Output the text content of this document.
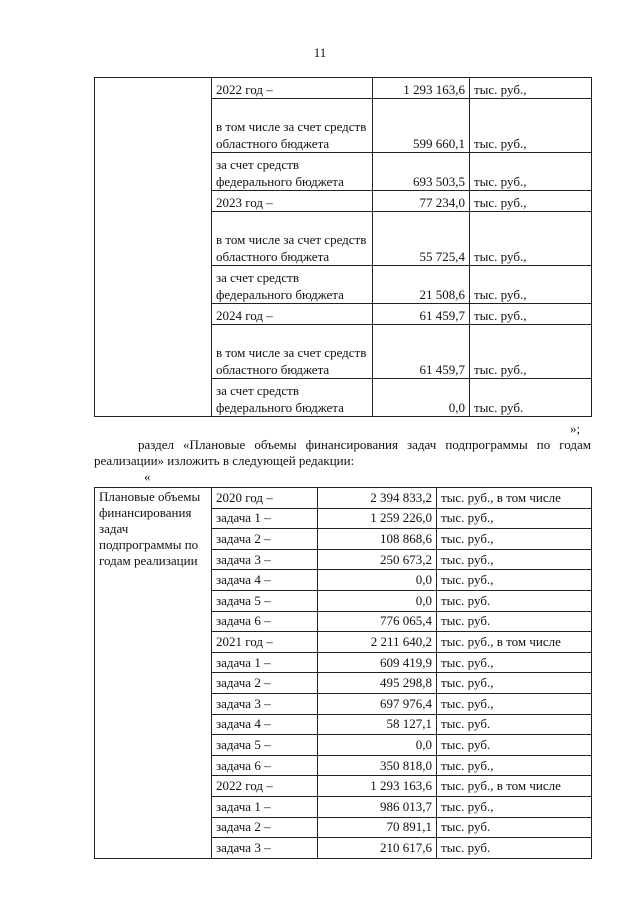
11
	2022 год –	1 293 163,6	тыс. руб.,
	в том числе за счет средств областного бюджета	599 660,1	тыс. руб.,
	за счет средств федерального бюджета	693 503,5	тыс. руб.,
	2023 год –	77 234,0	тыс. руб.,
	в том числе за счет средств областного бюджета	55 725,4	тыс. руб.,
	за счет средств федерального бюджета	21 508,6	тыс. руб.,
	2024 год –	61 459,7	тыс. руб.,
	в том числе за счет средств областного бюджета	61 459,7	тыс. руб.,
	за счет средств федерального бюджета	0,0	тыс. руб.
»;
раздел «Плановые объемы финансирования задач подпрограммы по годам реализации» изложить в следующей редакции:
«
Плановые объемы финансирования задач подпрограммы по годам реализации	2020 год –	2 394 833,2	тыс. руб., в том числе
	задача 1 –	1 259 226,0	тыс. руб.,
	задача 2 –	108 868,6	тыс. руб.,
	задача 3 –	250 673,2	тыс. руб.,
	задача 4 –	0,0	тыс. руб.,
	задача 5 –	0,0	тыс. руб.
	задача 6 –	776 065,4	тыс. руб.
	2021 год –	2 211 640,2	тыс. руб., в том числе
	задача 1 –	609 419,9	тыс. руб.,
	задача 2 –	495 298,8	тыс. руб.,
	задача 3 –	697 976,4	тыс. руб.,
	задача 4 –	58 127,1	тыс. руб.
	задача 5 –	0,0	тыс. руб.
	задача 6 –	350 818,0	тыс. руб.,
	2022 год –	1 293 163,6	тыс. руб., в том числе
	задача 1 –	986 013,7	тыс. руб.,
	задача 2 –	70 891,1	тыс. руб.
	задача 3 –	210 617,6	тыс. руб.
